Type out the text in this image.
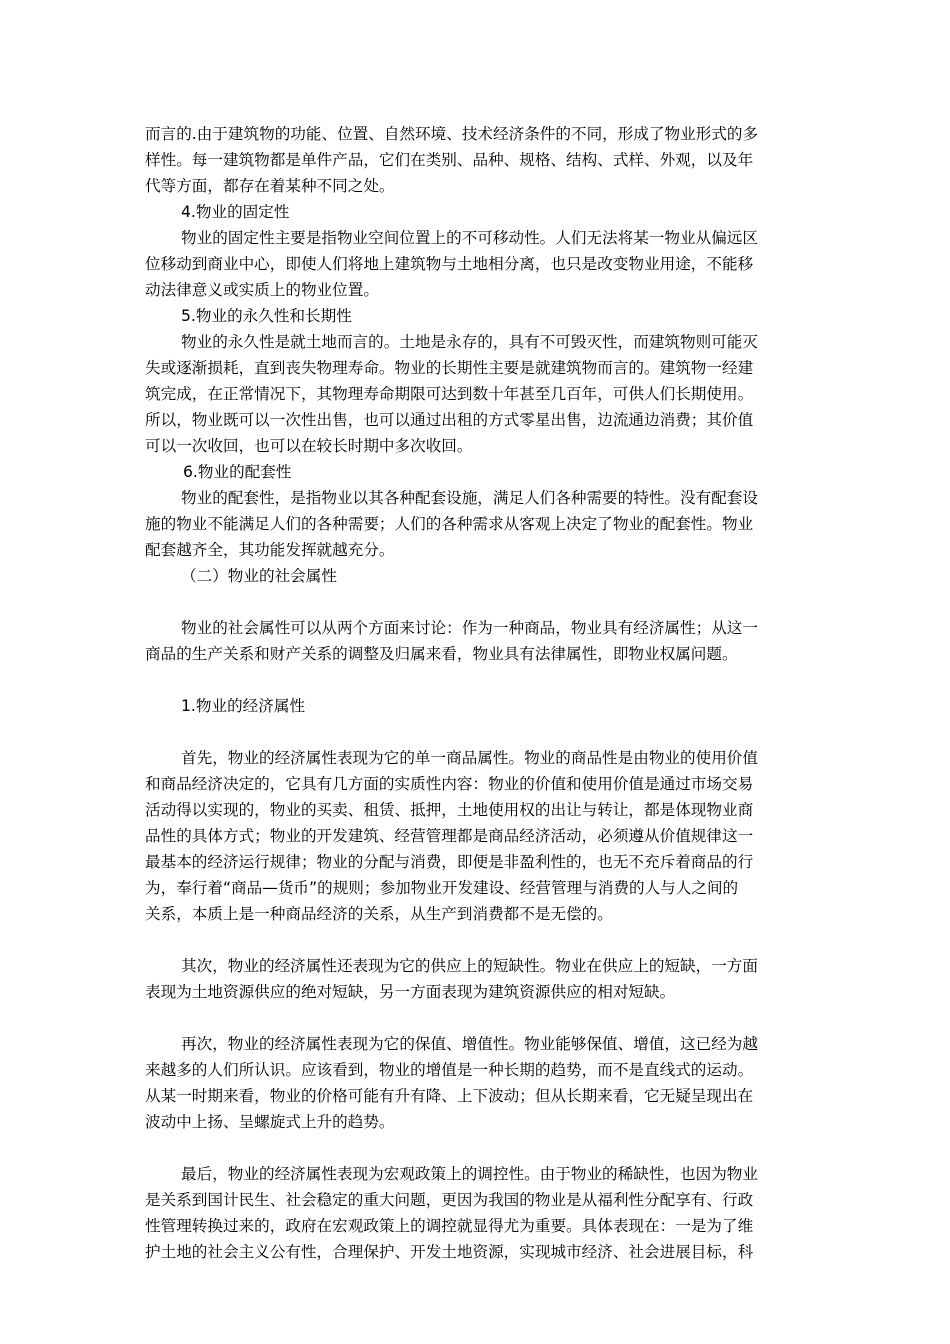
而言的.由于建筑物的功能、位置、自然环境、技术经济条件的不同，形成了物业形式的多
样性。每一建筑物都是单件产品，它们在类别、品种、规格、结构、式样、外观，以及年
代等方面，都存在着某种不同之处。
4.物业的固定性
物业的固定性主要是指物业空间位置上的不可移动性。人们无法将某一物业从偏远区
位移动到商业中心，即使人们将地上建筑物与土地相分离，也只是改变物业用途，不能移
动法律意义或实质上的物业位置。
5.物业的永久性和长期性
物业的永久性是就土地而言的。土地是永存的，具有不可毁灭性，而建筑物则可能灭
失或逐渐损耗，直到丧失物理寿命。物业的长期性主要是就建筑物而言的。建筑物一经建
筑完成，在正常情况下，其物理寿命期限可达到数十年甚至几百年，可供人们长期使用。
所以，物业既可以一次性出售，也可以通过出租的方式零星出售，边流通边消费；其价值
可以一次收回，也可以在较长时期中多次收回。
6.物业的配套性
物业的配套性，是指物业以其各种配套设施，满足人们各种需要的特性。没有配套设
施的物业不能满足人们的各种需要；人们的各种需求从客观上决定了物业的配套性。物业
配套越齐全，其功能发挥就越充分。
（二）物业的社会属性
物业的社会属性可以从两个方面来讨论：作为一种商品，物业具有经济属性；从这一
商品的生产关系和财产关系的调整及归属来看，物业具有法律属性，即物业权属问题。
1.物业的经济属性
首先，物业的经济属性表现为它的单一商品属性。物业的商品性是由物业的使用价值
和商品经济决定的，它具有几方面的实质性内容：物业的价值和使用价值是通过市场交易
活动得以实现的，物业的买卖、租赁、抵押，土地使用权的出让与转让，都是体现物业商
品性的具体方式；物业的开发建筑、经营管理都是商品经济活动，必须遵从价值规律这一
最基本的经济运行规律；物业的分配与消费，即便是非盈利性的，也无不充斥着商品的行
为，奉行着“商品—货币”的规则；参加物业开发建设、经营管理与消费的人与人之间的
关系，本质上是一种商品经济的关系，从生产到消费都不是无偿的。
其次，物业的经济属性还表现为它的供应上的短缺性。物业在供应上的短缺，一方面
表现为土地资源供应的绝对短缺，另一方面表现为建筑资源供应的相对短缺。
再次，物业的经济属性表现为它的保值、增值性。物业能够保值、增值，这已经为越
来越多的人们所认识。应该看到，物业的增值是一种长期的趋势，而不是直线式的运动。
从某一时期来看，物业的价格可能有升有降、上下波动；但从长期来看，它无疑呈现出在
波动中上扬、呈螺旋式上升的趋势。
最后，物业的经济属性表现为宏观政策上的调控性。由于物业的稀缺性，也因为物业
是关系到国计民生、社会稳定的重大问题，更因为我国的物业是从福利性分配享有、行政
性管理转换过来的，政府在宏观政策上的调控就显得尤为重要。具体表现在：一是为了维
护土地的社会主义公有性，合理保护、开发土地资源，实现城市经济、社会进展目标，科
